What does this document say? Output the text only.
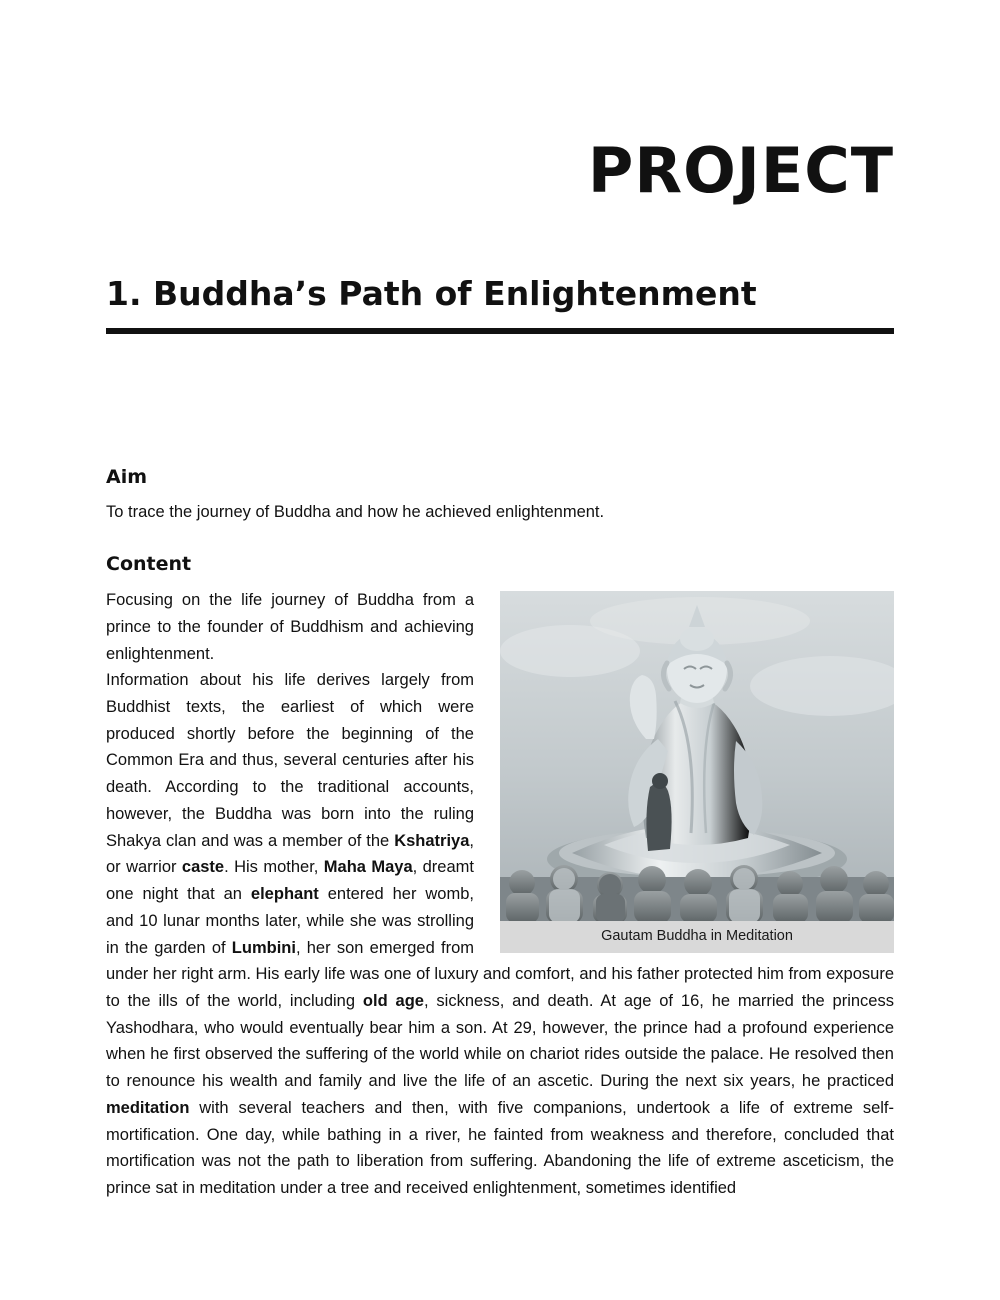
PROJECT
1. Buddha’s Path of Enlightenment
Aim

To trace the journey of Buddha and how he achieved enlightenment.

Content
Gautam Buddha in Meditation

Focusing on the life journey of Buddha from a prince to the founder of Buddhism and achieving enlightenment.

Information about his life derives largely from Buddhist texts, the earliest of which were produced shortly before the beginning of the Common Era and thus, several centuries after his death. According to the traditional accounts, however, the Buddha was born into the ruling Shakya clan and was a member of the Kshatriya, or warrior caste. His mother, Maha Maya, dreamt one night that an elephant entered her womb, and 10 lunar months later, while she was strolling in the garden of Lumbini, her son emerged from under her right arm. His early life was one of luxury and comfort, and his father protected him from exposure to the ills of the world, including old age, sickness, and death. At age of 16, he married the princess Yashodhara, who would eventually bear him a son. At 29, however, the prince had a profound experience when he first observed the suffering of the world while on chariot rides outside the palace. He resolved then to renounce his wealth and family and live the life of an ascetic. During the next six years, he practiced meditation with several teachers and then, with five companions, undertook a life of extreme self-mortification. One day, while bathing in a river, he fainted from weakness and therefore, concluded that mortification was not the path to liberation from suffering. Abandoning the life of extreme asceticism, the prince sat in meditation under a tree and received enlightenment, sometimes identified
